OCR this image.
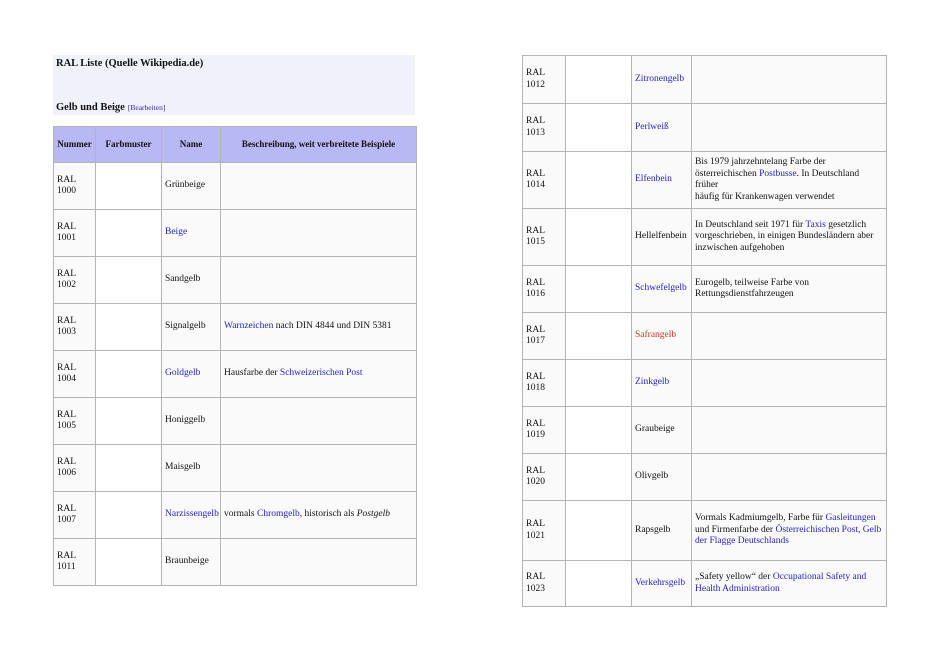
RAL Liste (Quelle Wikipedia.de)
Gelb und Beige [Bearbeiten]
Nummer	Farbmuster	Name	Beschreibung, weit verbreitete Beispiele
RAL
1000		Grünbeige	
RAL
1001		Beige	
RAL
1002		Sandgelb	
RAL
1003		Signalgelb	Warnzeichen nach DIN 4844 und DIN 5381
RAL
1004		Goldgelb	Hausfarbe der Schweizerischen Post
RAL
1005		Honiggelb	
RAL
1006		Maisgelb	
RAL
1007		Narzissengelb	vormals Chromgelb, historisch als Postgelb
RAL
1011		Braunbeige	
RAL
1012		Zitronengelb	
RAL
1013		Perlweiß	
RAL
1014		Elfenbein	Bis 1979 jahrzehntelang Farbe der
österreichischen Postbusse. In Deutschland früher
häufig für Krankenwagen verwendet
RAL
1015		Hellelfenbein	In Deutschland seit 1971 für Taxis gesetzlich
vorgeschrieben, in einigen Bundesländern aber
inzwischen aufgehoben
RAL
1016		Schwefelgelb	Eurogelb, teilweise Farbe von
Rettungsdienstfahrzeugen
RAL
1017		Safrangelb	
RAL
1018		Zinkgelb	
RAL
1019		Graubeige	
RAL
1020		Olivgelb	
RAL
1021		Rapsgelb	Vormals Kadmiumgelb, Farbe für Gasleitungen
und Firmenfarbe der Österreichischen Post, Gelb
der Flagge Deutschlands
RAL
1023		Verkehrsgelb	„Safety yellow“ der Occupational Safety and
Health Administration
